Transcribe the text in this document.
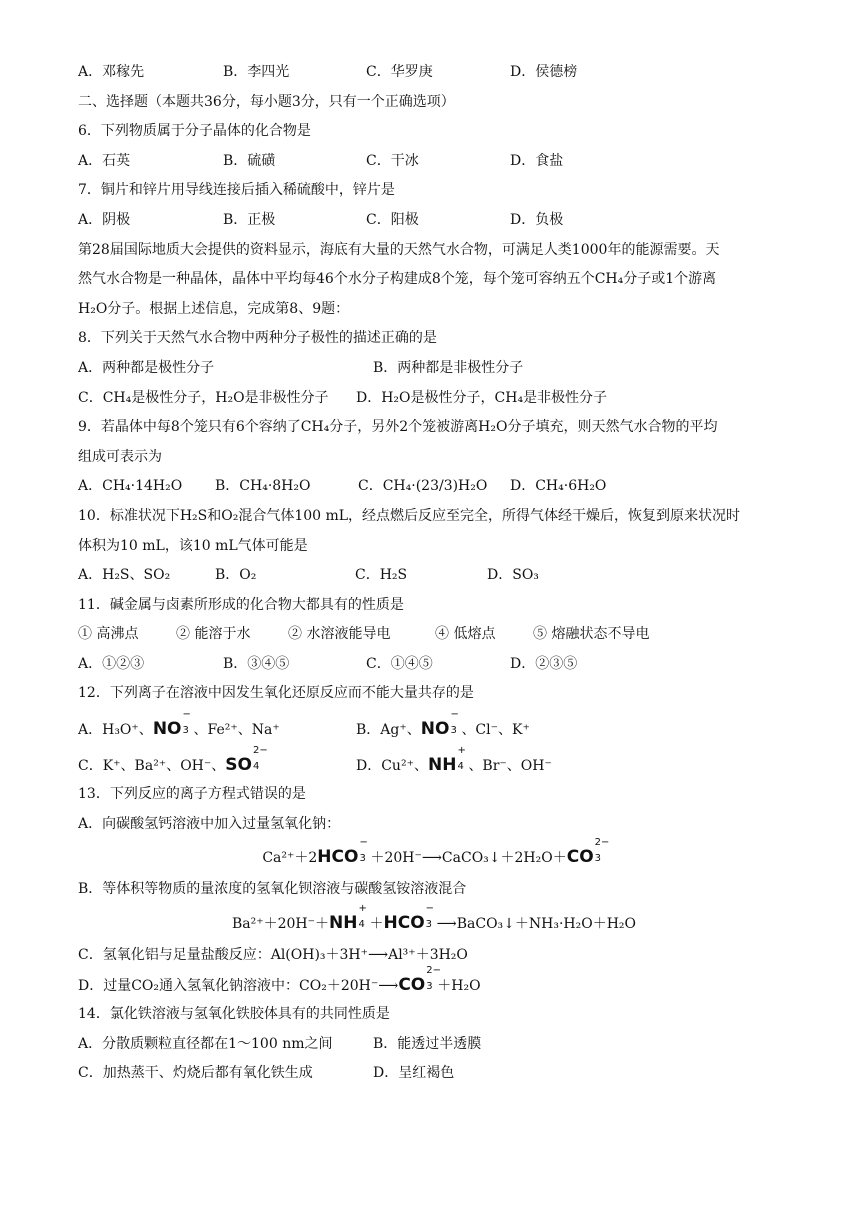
A．邓稼先	B．李四光	C．华罗庚	D．侯德榜
二、选择题（本题共36分，每小题3分，只有一个正确选项）
6．下列物质属于分子晶体的化合物是
A．石英	B．硫磺	C．干冰	D．食盐
7．铜片和锌片用导线连接后插入稀硫酸中，锌片是
A．阴极	B．正极	C．阳极	D．负极
第28届国际地质大会提供的资料显示，海底有大量的天然气水合物，可满足人类1000年的能源需要。天
然气水合物是一种晶体，晶体中平均每46个水分子构建成8个笼，每个笼可容纳五个CH₄分子或1个游离
H₂O分子。根据上述信息，完成第8、9题：
8．下列关于天然气水合物中两种分子极性的描述正确的是
A．两种都是极性分子	B．两种都是非极性分子
C．CH₄是极性分子，H₂O是非极性分子 D．H₂O是极性分子，CH₄是非极性分子
9．若晶体中每8个笼只有6个容纳了CH₄分子，另外2个笼被游离H₂O分子填充，则天然气水合物的平均
组成可表示为
A．CH₄·14H₂O B．CH₄·8H₂O	C．CH₄·(23/3)H₂O D．CH₄·6H₂O
10．标准状况下H₂S和O₂混合气体100 mL，经点燃后反应至完全，所得气体经干燥后，恢复到原来状况时
体积为10 mL，该10 mL气体可能是
A．H₂S、SO₂	B．O₂	C．H₂S	D．SO₃
11．碱金属与卤素所形成的化合物大都具有的性质是
① 高沸点	② 能溶于水	② 水溶液能导电	④ 低熔点	⑤ 熔融状态不导电
A．①②③	B．③④⑤	C．①④⑤	D．②③⑤
12．下列离子在溶液中因发生氧化还原反应而不能大量共存的是
A．H₃O⁺、NO
−
3 、Fe²⁺、Na⁺	B．Ag⁺、NO
−
3 、Cl⁻、K⁺
C．K⁺、Ba²⁺、OH⁻、SO
2−
4	D．Cu²⁺、NH
+
4 、Br⁻、OH⁻
13．下列反应的离子方程式错误的是
A．向碳酸氢钙溶液中加入过量氢氧化钠：
Ca²⁺＋2HCO
−
3 ＋20H⁻⟶CaCO₃↓＋2H₂O＋CO
2−
3
B．等体积等物质的量浓度的氢氧化钡溶液与碳酸氢铵溶液混合
Ba²⁺＋20H⁻＋NH
+
4 ＋HCO
−
3 ⟶BaCO₃↓＋NH₃·H₂O＋H₂O
C．氢氧化铝与足量盐酸反应：Al(OH)₃＋3H⁺⟶Al³⁺＋3H₂O
D．过量CO₂通入氢氧化钠溶液中：CO₂＋20H⁻⟶CO
2−
3 ＋H₂O
14．氯化铁溶液与氢氧化铁胶体具有的共同性质是
A．分散质颗粒直径都在1～100 nm之间	B．能透过半透膜
C．加热蒸干、灼烧后都有氧化铁生成	D．呈红褐色
